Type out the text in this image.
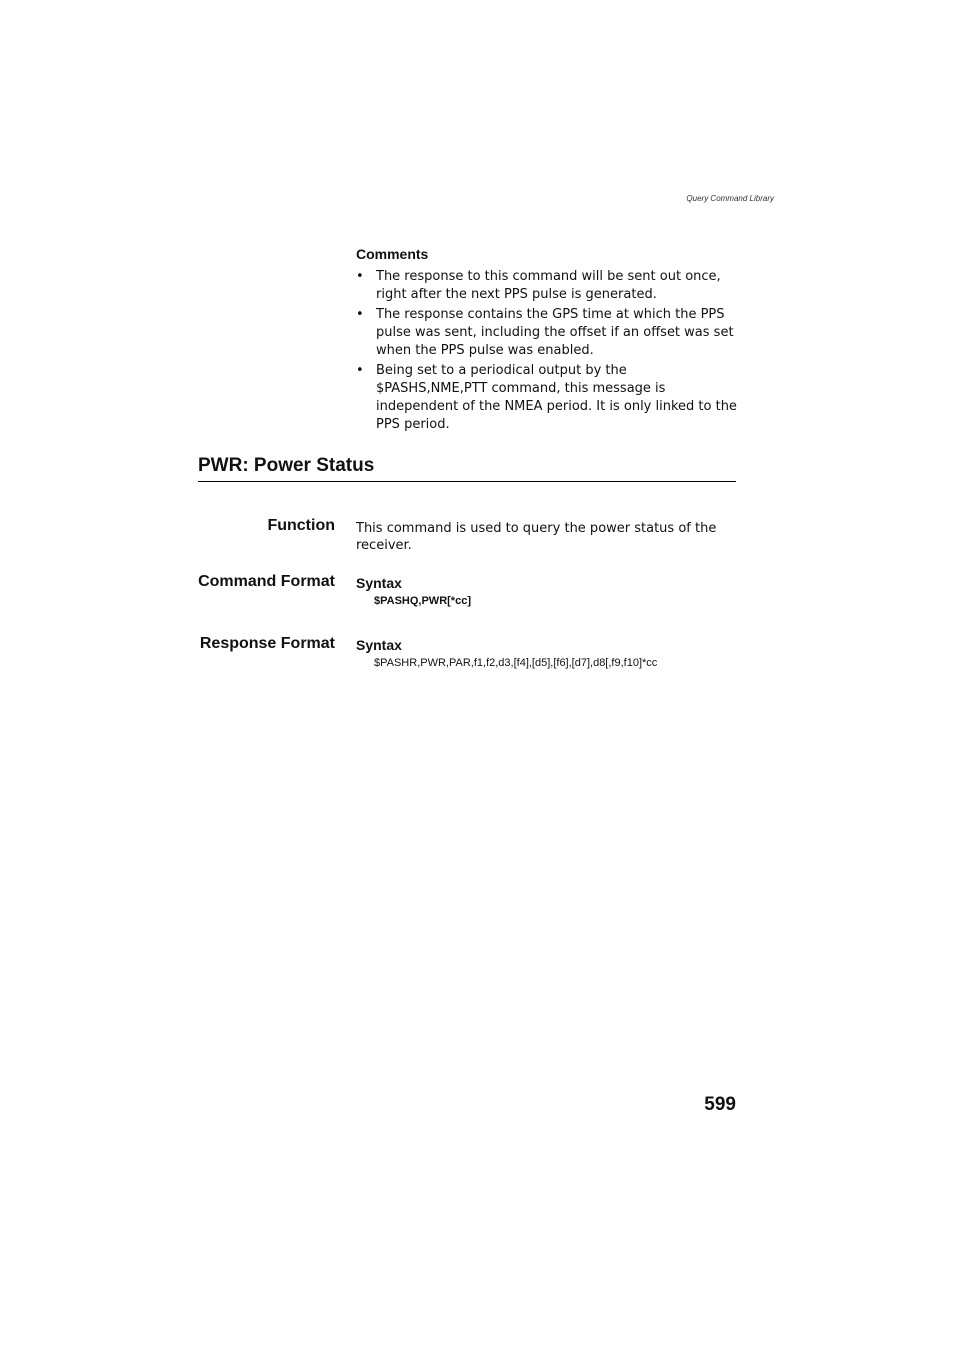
Query Command Library
Comments
• The response to this command will be sent out once, right after the next PPS pulse is generated.
• The response contains the GPS time at which the PPS pulse was sent, including the offset if an offset was set when the PPS pulse was enabled.
• Being set to a periodical output by the $PASHS,NME,PTT command, this message is independent of the NMEA period. It is only linked to the PPS period.
PWR: Power Status
Function This command is used to query the power status of the receiver.

Command Format Syntax

$PASHQ,PWR[*cc]

Response Format Syntax

$PASHR,PWR,PAR,f1,f2,d3,[f4],[d5],[f6],[d7],d8[,f9,f10]*cc

599
